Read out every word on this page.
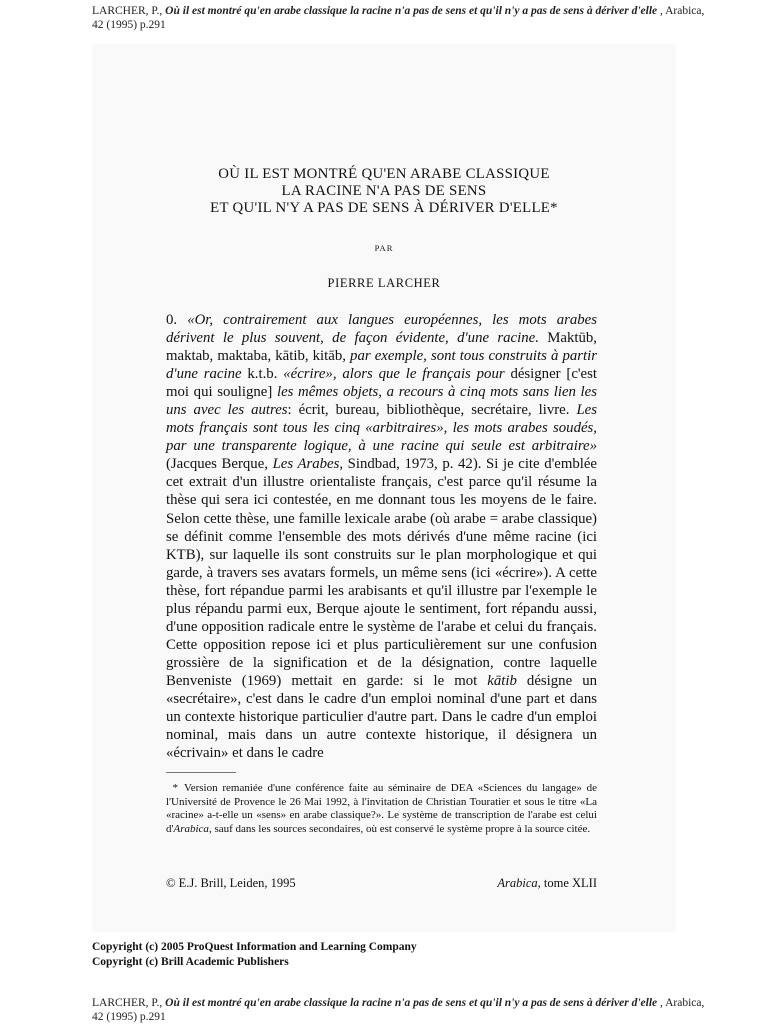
LARCHER, P., Où il est montré qu'en arabe classique la racine n'a pas de sens et qu'il n'y a pas de sens à dériver d'elle , Arabica, 42 (1995) p.291
OÙ IL EST MONTRÉ QU'EN ARABE CLASSIQUE
LA RACINE N'A PAS DE SENS
ET QU'IL N'Y A PAS DE SENS À DÉRIVER D'ELLE*
PAR
PIERRE LARCHER

0. «Or, contrairement aux langues européennes, les mots arabes dérivent le plus souvent, de façon évidente, d'une racine. Maktūb, maktab, maktaba, kātib, kitāb, par exemple, sont tous construits à partir d'une racine k.t.b. «écrire», alors que le français pour désigner [c'est moi qui souligne] les mêmes objets, a recours à cinq mots sans lien les uns avec les autres: écrit, bureau, bibliothèque, secrétaire, livre. Les mots français sont tous les cinq «arbitraires», les mots arabes soudés, par une transparente logique, à une racine qui seule est arbitraire» (Jacques Berque, Les Arabes, Sindbad, 1973, p. 42). Si je cite d'emblée cet extrait d'un illustre orientaliste français, c'est parce qu'il résume la thèse qui sera ici contestée, en me donnant tous les moyens de le faire. Selon cette thèse, une famille lexicale arabe (où arabe = arabe classique) se définit comme l'ensemble des mots dérivés d'une même racine (ici KTB), sur laquelle ils sont construits sur le plan morphologique et qui garde, à travers ses avatars formels, un même sens (ici «écrire»). A cette thèse, fort répandue parmi les arabisants et qu'il illustre par l'exemple le plus répandu parmi eux, Berque ajoute le sentiment, fort répandu aussi, d'une opposition radicale entre le système de l'arabe et celui du français. Cette opposition repose ici et plus particulièrement sur une confusion grossière de la signification et de la désignation, contre laquelle Benveniste (1969) mettait en garde: si le mot kātib désigne un «secrétaire», c'est dans le cadre d'un emploi nominal d'une part et dans un contexte historique particulier d'autre part. Dans le cadre d'un emploi nominal, mais dans un autre contexte historique, il désignera un «écrivain» et dans le cadre

* Version remaniée d'une conférence faite au séminaire de DEA «Sciences du langage» de l'Université de Provence le 26 Mai 1992, à l'invitation de Christian Touratier et sous le titre «La «racine» a-t-elle un «sens» en arabe classique?». Le système de transcription de l'arabe est celui d'Arabica, sauf dans les sources secondaires, où est conservé le système propre à la source citée.
© E.J. Brill, Leiden, 1995	Arabica, tome XLII
Copyright (c) 2005 ProQuest Information and Learning Company
Copyright (c) Brill Academic Publishers
LARCHER, P., Où il est montré qu'en arabe classique la racine n'a pas de sens et qu'il n'y a pas de sens à dériver d'elle , Arabica, 42 (1995) p.291
